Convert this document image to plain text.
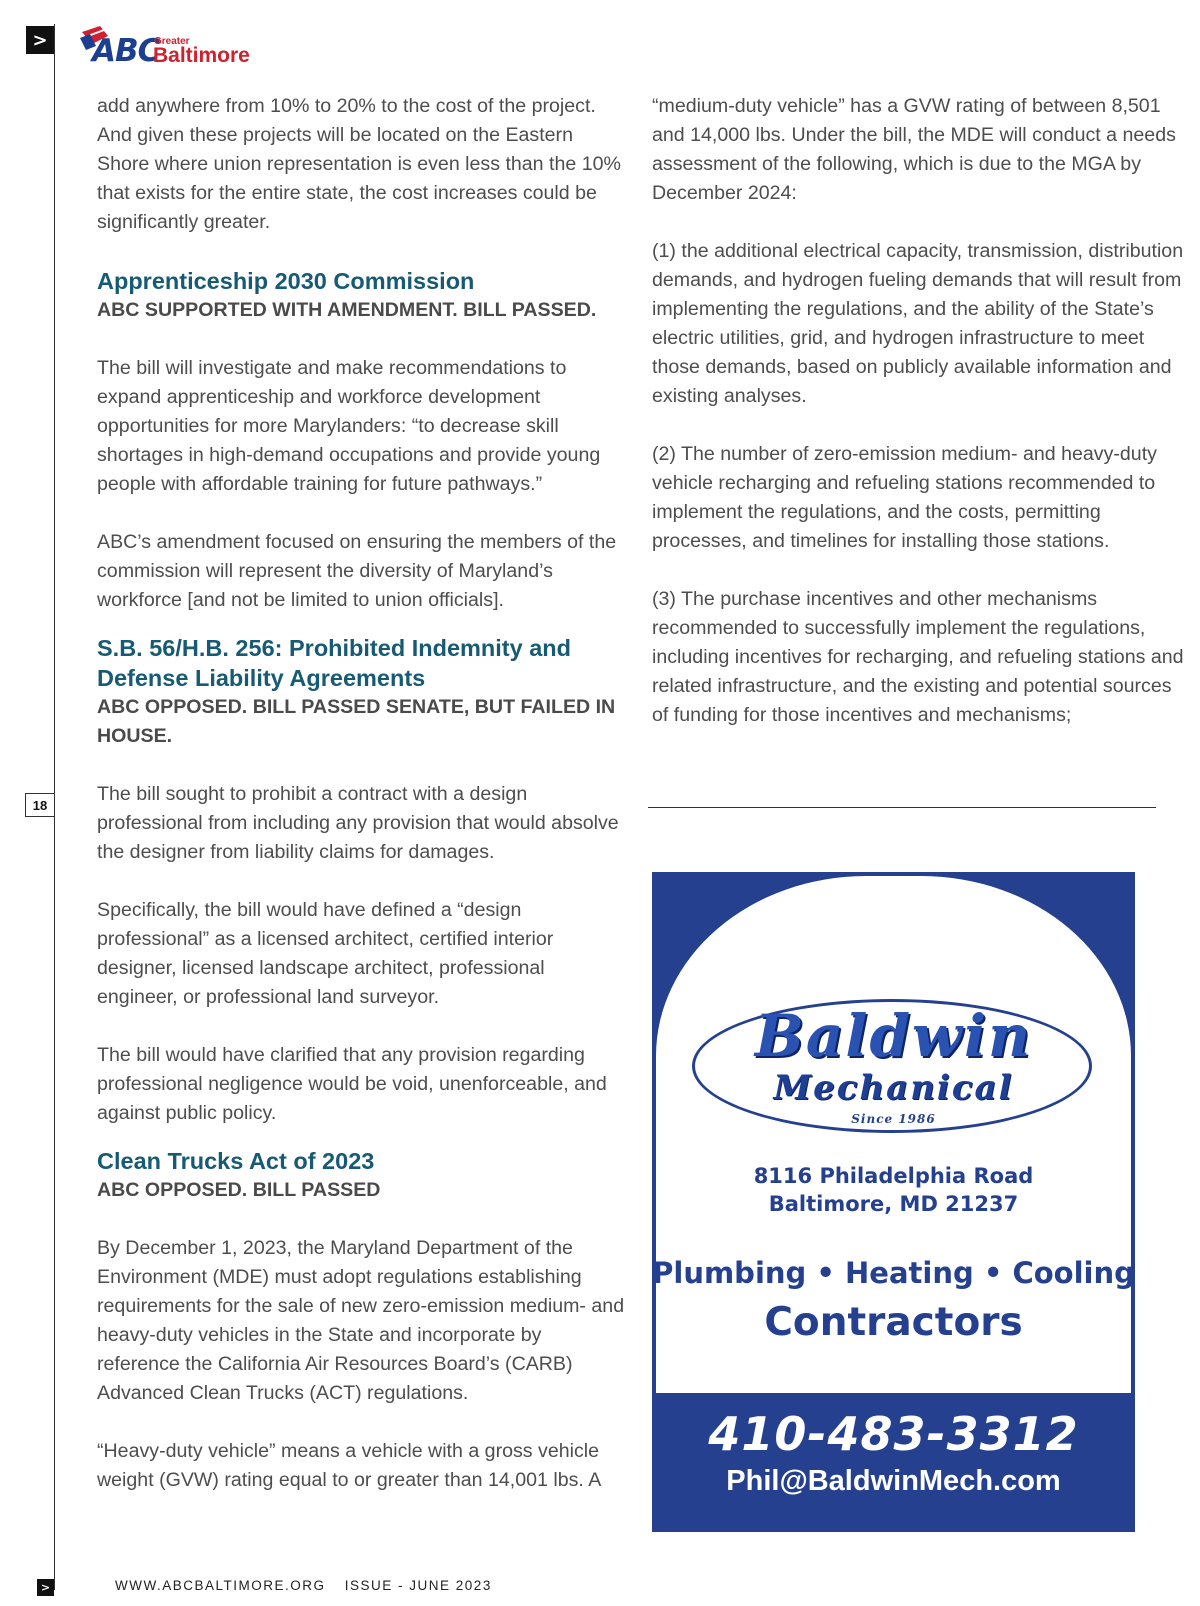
> ABC
Greater
Baltimore
18

add anywhere from 10% to 20% to the cost of the project. And given these projects will be located on the Eastern Shore where union representation is even less than the 10% that exists for the entire state, the cost increases could be significantly greater.

Apprenticeship 2030 Commission
ABC SUPPORTED WITH AMENDMENT. BILL PASSED.

The bill will investigate and make recommendations to expand apprenticeship and workforce development opportunities for more Marylanders: “to decrease skill shortages in high-demand occupations and provide young people with affordable training for future pathways.”

ABC’s amendment focused on ensuring the members of the commission will represent the diversity of Maryland’s workforce [and not be limited to union officials].

S.B. 56/H.B. 256: Prohibited Indemnity and Defense Liability Agreements
ABC OPPOSED. BILL PASSED SENATE, BUT FAILED IN HOUSE.

The bill sought to prohibit a contract with a design professional from including any provision that would absolve the designer from liability claims for damages.

Specifically, the bill would have defined a “design professional” as a licensed architect, certified interior designer, licensed landscape architect, professional engineer, or professional land surveyor.

The bill would have clarified that any provision regarding professional negligence would be void, unenforceable, and against public policy.

Clean Trucks Act of 2023
ABC OPPOSED. BILL PASSED

By December 1, 2023, the Maryland Department of the Environment (MDE) must adopt regulations establishing requirements for the sale of new zero-emission medium- and heavy-duty vehicles in the State and incorporate by reference the California Air Resources Board’s (CARB) Advanced Clean Trucks (ACT) regulations.

“Heavy-duty vehicle” means a vehicle with a gross vehicle weight (GVW) rating equal to or greater than 14,001 lbs. A

“medium-duty vehicle” has a GVW rating of between 8,501 and 14,000 lbs. Under the bill, the MDE will conduct a needs assessment of the following, which is due to the MGA by December 2024:

(1) the additional electrical capacity, transmission, distribution demands, and hydrogen fueling demands that will result from implementing the regulations, and the ability of the State’s electric utilities, grid, and hydrogen infrastructure to meet those demands, based on publicly available information and existing analyses.

(2) The number of zero-emission medium- and heavy-duty vehicle recharging and refueling stations recommended to implement the regulations, and the costs, permitting processes, and timelines for installing those stations.

(3) The purchase incentives and other mechanisms recommended to successfully implement the regulations, including incentives for recharging, and refueling stations and related infrastructure, and the existing and potential sources of funding for those incentives and mechanisms;

Baldwin
Mechanical
Since 1986
8116 Philadelphia Road
Baltimore, MD 21237
Plumbing • Heating • Cooling
Contractors
410-483-3312
Phil@BaldwinMech.com
>	WWW.ABCBALTIMORE.ORG ISSUE - JUNE 2023
